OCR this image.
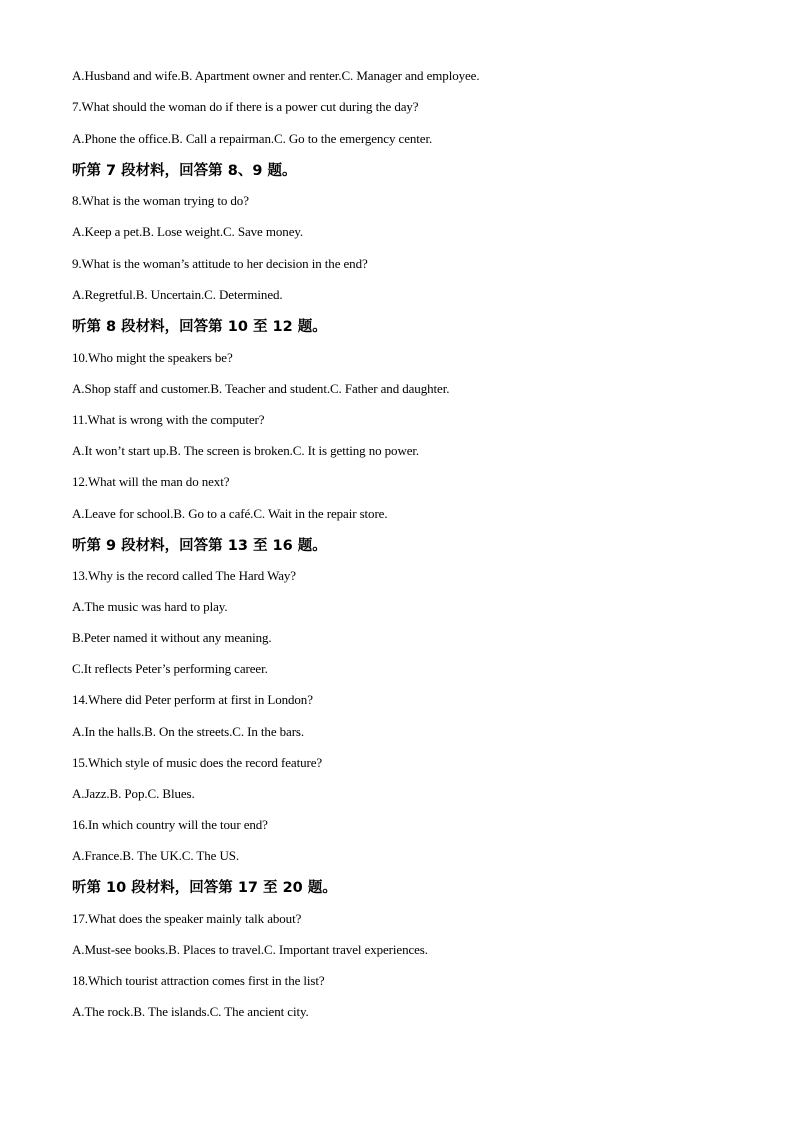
A.Husband and wife.B. Apartment owner and renter.C. Manager and employee.
7.What should the woman do if there is a power cut during the day?
A.Phone the office.B. Call a repairman.C. Go to the emergency center.
听第 7 段材料，回答第 8、9 题。
8.What is the woman trying to do?
A.Keep a pet.B. Lose weight.C. Save money.
9.What is the woman’s attitude to her decision in the end?
A.Regretful.B. Uncertain.C. Determined.
听第 8 段材料，回答第 10 至 12 题。
10.Who might the speakers be?
A.Shop staff and customer.B. Teacher and student.C. Father and daughter.
11.What is wrong with the computer?
A.It won’t start up.B. The screen is broken.C. It is getting no power.
12.What will the man do next?
A.Leave for school.B. Go to a café.C. Wait in the repair store.
听第 9 段材料，回答第 13 至 16 题。
13.Why is the record called The Hard Way?
A.The music was hard to play.
B.Peter named it without any meaning.
C.It reflects Peter’s performing career.
14.Where did Peter perform at first in London?
A.In the halls.B. On the streets.C. In the bars.
15.Which style of music does the record feature?
A.Jazz.B. Pop.C. Blues.
16.In which country will the tour end?
A.France.B. The UK.C. The US.
听第 10 段材料，回答第 17 至 20 题。
17.What does the speaker mainly talk about?
A.Must-see books.B. Places to travel.C. Important travel experiences.
18.Which tourist attraction comes first in the list?
A.The rock.B. The islands.C. The ancient city.
